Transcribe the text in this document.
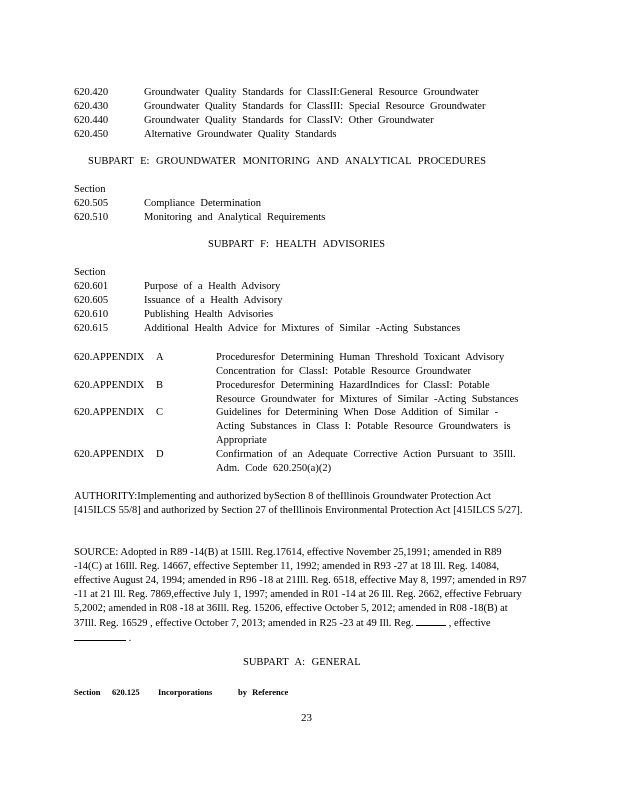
620.420	Groundwater Quality Standards for ClassII:General Resource Groundwater
620.430	Groundwater Quality Standards for ClassIII: Special Resource Groundwater
620.440	Groundwater Quality Standards for ClassIV: Other Groundwater
620.450	Alternative Groundwater Quality Standards
SUBPART E: GROUNDWATER MONITORING AND ANALYTICAL PROCEDURES
Section
620.505	Compliance Determination
620.510	Monitoring and Analytical Requirements
SUBPART F: HEALTH ADVISORIES
Section
620.601	Purpose of a Health Advisory
620.605	Issuance of a Health Advisory
620.610	Publishing Health Advisories
620.615	Additional Health Advice for Mixtures of Similar -Acting Substances
620.APPENDIX A	Proceduresfor Determining Human Threshold Toxicant Advisory Concentration for ClassI: Potable Resource Groundwater
620.APPENDIX B	Proceduresfor Determining HazardIndices for ClassI: Potable Resource Groundwater for Mixtures of Similar -Acting Substances
620.APPENDIX C	Guidelines for Determining When Dose Addition of Similar - Acting Substances in Class I: Potable Resource Groundwaters is Appropriate
620.APPENDIX D	Confirmation of an Adequate Corrective Action Pursuant to 35Ill. Adm. Code 620.250(a)(2)
AUTHORITY:Implementing and authorized bySection 8 of theIllinois Groundwater Protection Act [415ILCS 55/8] and authorized by Section 27 of theIllinois Environmental Protection Act [415ILCS 5/27].
SOURCE: Adopted in R89 -14(B) at 15Ill. Reg.17614, effective November 25,1991; amended in R89 -14(C) at 16Ill. Reg. 14667, effective September 11, 1992; amended in R93 -27 at 18 Ill. Reg. 14084, effective August 24, 1994; amended in R96 -18 at 21Ill. Reg. 6518, effective May 8, 1997; amended in R97 -11 at 21 Ill. Reg. 7869,effective July 1, 1997; amended in R01 -14 at 26 Ill. Reg. 2662, effective February 5,2002; amended in R08 -18 at 36Ill. Reg. 15206, effective October 5, 2012; amended in R08 -18(B) at 37Ill. Reg. 16529 , effective October 7, 2013; amended in R25 -23 at 49 Ill. Reg.	, effective  .
SUBPART A: GENERAL
Section 620.125 Incorporations	by Reference
23
